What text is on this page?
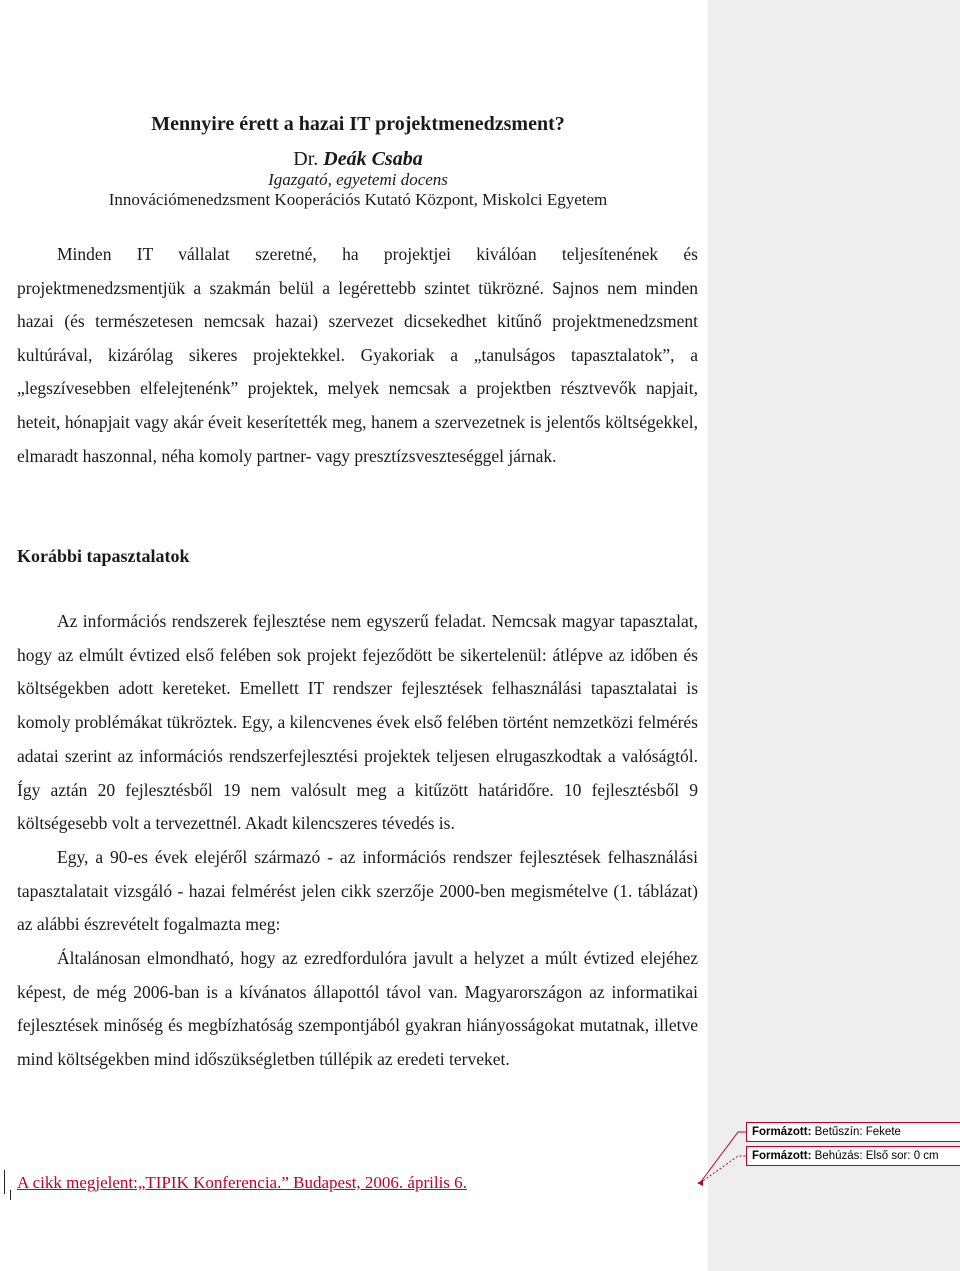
Mennyire érett a hazai IT projektmenedzsment?
Dr. Deák Csaba
Igazgató, egyetemi docens
Innovációmenedzsment Kooperációs Kutató Központ, Miskolci Egyetem

Minden IT vállalat szeretné, ha projektjei kiválóan teljesítenének és projektmenedzsmentjük a szakmán belül a legérettebb szintet tükrözné. Sajnos nem minden hazai (és természetesen nemcsak hazai) szervezet dicsekedhet kitűnő projektmenedzsment kultúrával, kizárólag sikeres projektekkel. Gyakoriak a „tanulságos tapasztalatok”, a „legszívesebben elfelejtenénk” projektek, melyek nemcsak a projektben résztvevők napjait, heteit, hónapjait vagy akár éveit keserítették meg, hanem a szervezetnek is jelentős költségekkel, elmaradt haszonnal, néha komoly partner- vagy presztízsveszteséggel járnak.

Korábbi tapasztalatok

Az információs rendszerek fejlesztése nem egyszerű feladat. Nemcsak magyar tapasztalat, hogy az elmúlt évtized első felében sok projekt fejeződött be sikertelenül: átlépve az időben és költségekben adott kereteket. Emellett IT rendszer fejlesztések felhasználási tapasztalatai is komoly problémákat tükröztek. Egy, a kilencvenes évek első felében történt nemzetközi felmérés adatai szerint az információs rendszerfejlesztési projektek teljesen elrugaszkodtak a valóságtól. Így aztán 20 fejlesztésből 19 nem valósult meg a kitűzött határidőre. 10 fejlesztésből 9 költségesebb volt a tervezettnél. Akadt kilencszeres tévedés is.

Egy, a 90-es évek elejéről származó - az információs rendszer fejlesztések felhasználási tapasztalatait vizsgáló - hazai felmérést jelen cikk szerzője 2000-ben megismételve (1. táblázat) az alábbi észrevételt fogalmazta meg:

Általánosan elmondható, hogy az ezredfordulóra javult a helyzet a múlt évtized elejéhez képest, de még 2006-ban is a kívánatos állapottól távol van. Magyarországon az informatikai fejlesztések minőség és megbízhatóság szempontjából gyakran hiányosságokat mutatnak, illetve mind költségekben mind időszükségletben túllépik az eredeti terveket.

A cikk megjelent:„TIPIK Konferencia.” Budapest, 2006. április 6.
Formázott: Betűszín: Fekete
Formázott: Behúzás: Első sor: 0 cm
